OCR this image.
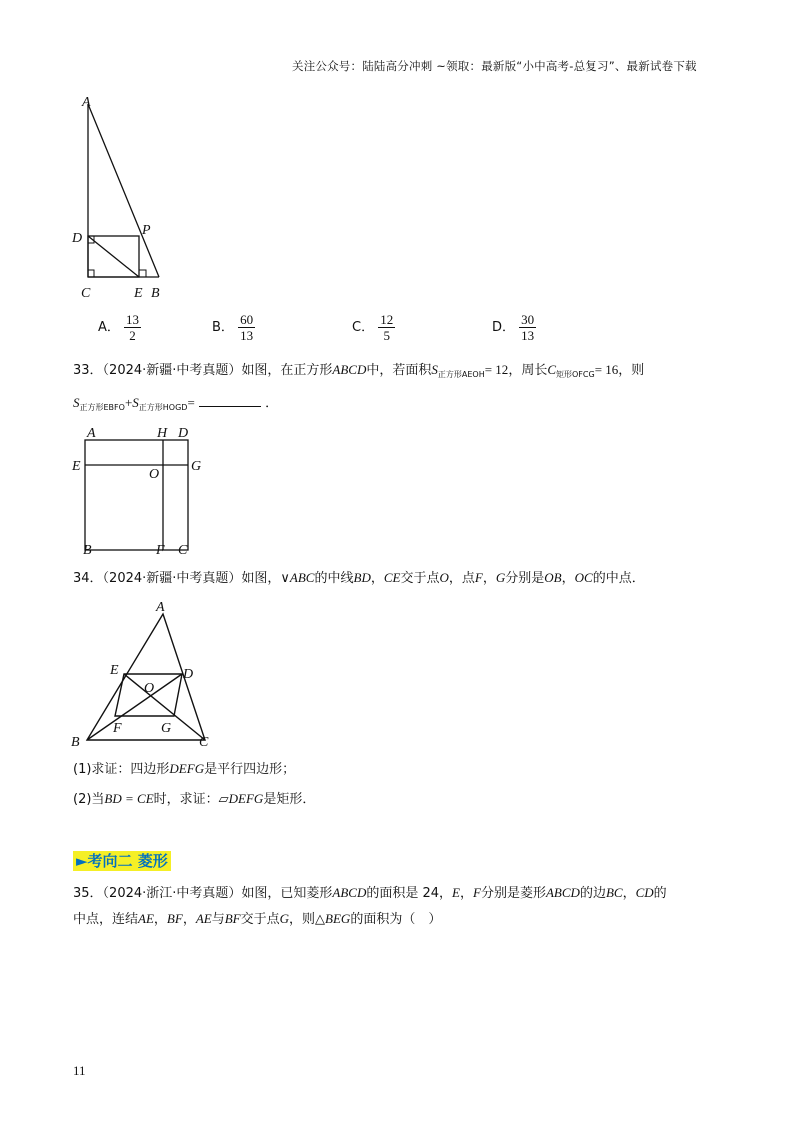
关注公众号：陆陆高分冲刺 ~领取：最新版“小中高考-总复习”、最新试卷下载
A
D
P
C	E B
A． $\frac{13}{2}$	B． $\frac{60}{13}$	C． $\frac{12}{5}$	D． $\frac{30}{13}$
33．（2024·新疆·中考真题）如图，在正方形ABCD中，若面积$S_{正方形AEOH}= 12$，周长$C_{矩形OFCG}= 16$，则
$S_{正方形EBFO}+S_{正方形HOGD}=$	．
A	H D
E
O
G
B	F C
34．（2024·新疆·中考真题）如图，∨ABC的中线BD，CE交于点O，点F，G分别是OB，OC的中点．
A
E	D
O
F	G
B	C
(1)求证：四边形DEFG是平行四边形；
(2)当BD = CE时，求证：▱DEFG是矩形．
►考向二 菱形
35．（2024·浙江·中考真题）如图，已知菱形ABCD的面积是 24，E，F分别是菱形ABCD的边BC，CD的
中点，连结AE，BF，AE与BF交于点G，则△BEG的面积为（　）
11
